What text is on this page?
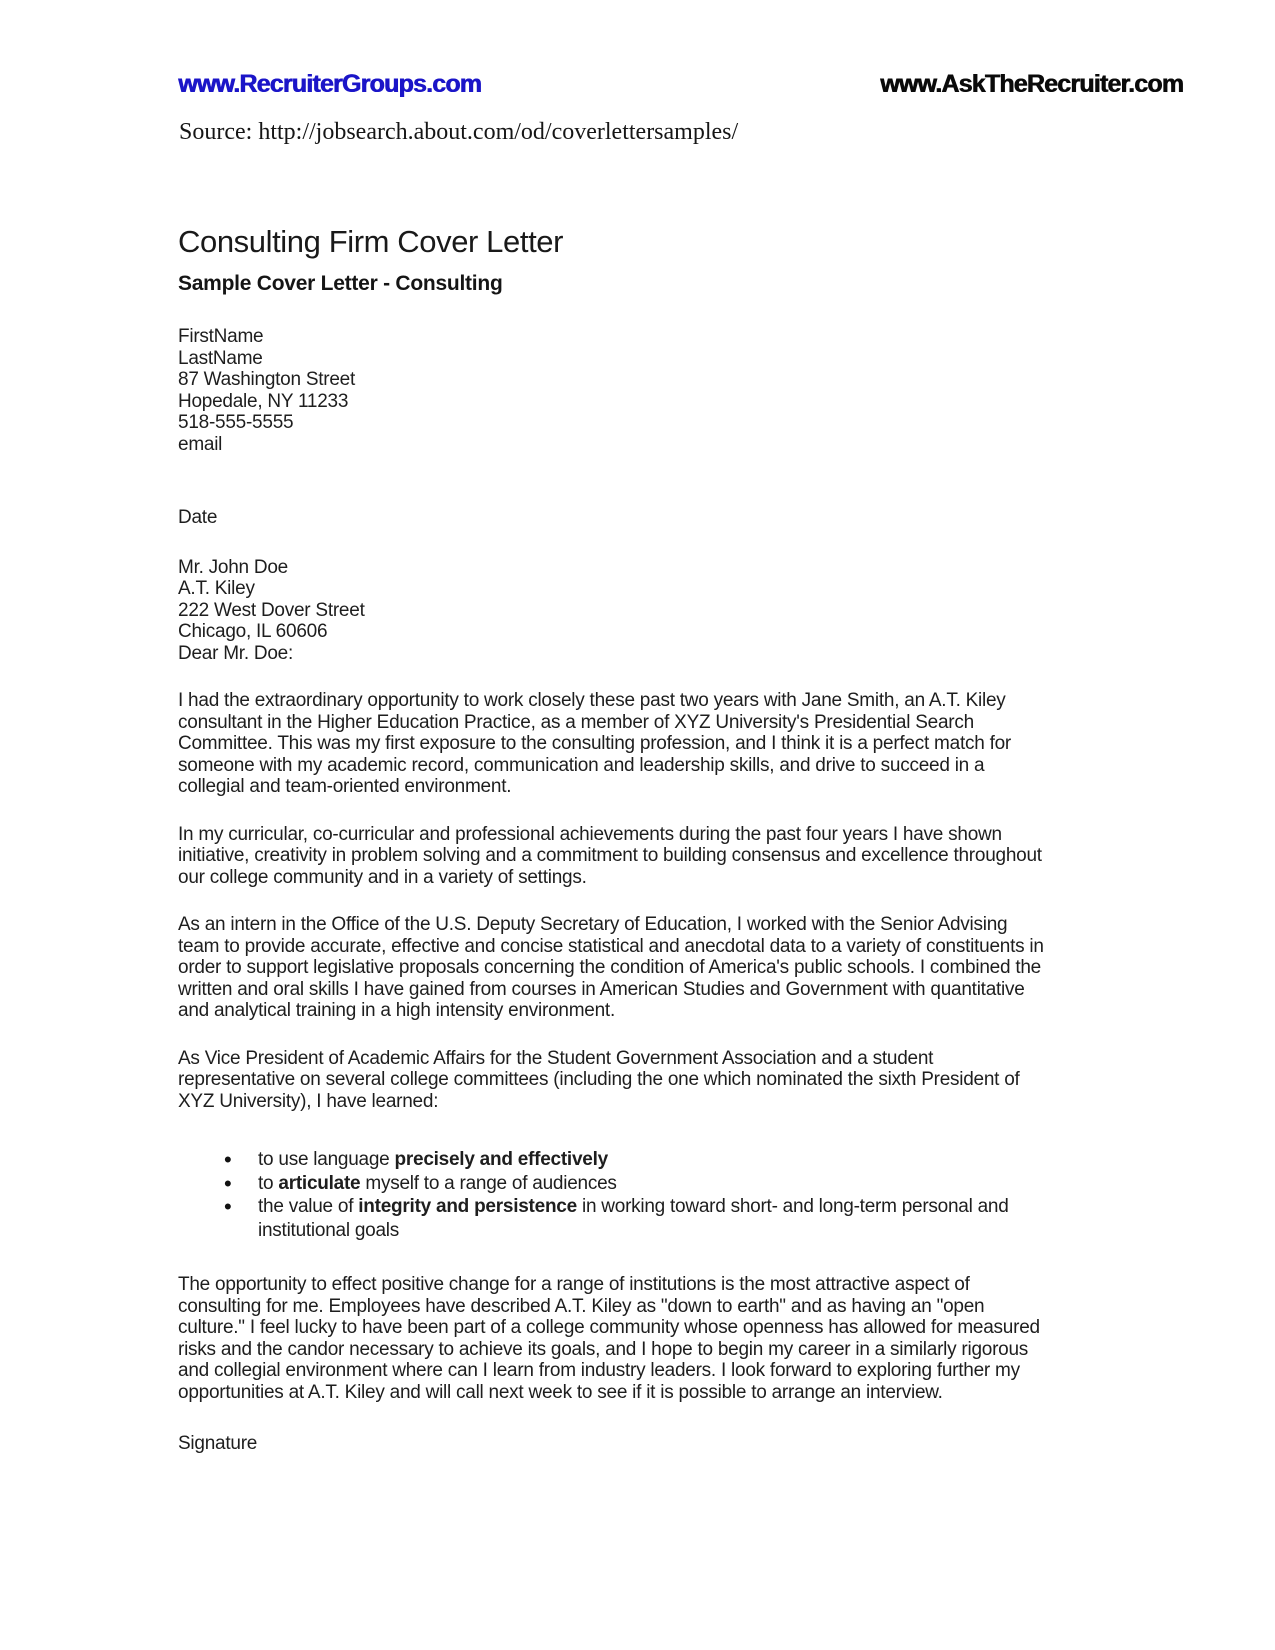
www.RecruiterGroups.com	www.AskTheRecruiter.com
Source: http://jobsearch.about.com/od/coverlettersamples/
Consulting Firm Cover Letter
Sample Cover Letter - Consulting
FirstName
LastName
87 Washington Street
Hopedale, NY 11233
518-555-5555
email
Date
Mr. John Doe
A.T. Kiley
222 West Dover Street
Chicago, IL 60606
Dear Mr. Doe:

I had the extraordinary opportunity to work closely these past two years with Jane Smith, an A.T. Kiley consultant in the Higher Education Practice, as a member of XYZ University's Presidential Search Committee. This was my first exposure to the consulting profession, and I think it is a perfect match for someone with my academic record, communication and leadership skills, and drive to succeed in a collegial and team-oriented environment.

In my curricular, co-curricular and professional achievements during the past four years I have shown initiative, creativity in problem solving and a commitment to building consensus and excellence throughout our college community and in a variety of settings.

As an intern in the Office of the U.S. Deputy Secretary of Education, I worked with the Senior Advising team to provide accurate, effective and concise statistical and anecdotal data to a variety of constituents in order to support legislative proposals concerning the condition of America's public schools. I combined the written and oral skills I have gained from courses in American Studies and Government with quantitative and analytical training in a high intensity environment.

As Vice President of Academic Affairs for the Student Government Association and a student representative on several college committees (including the one which nominated the sixth President of XYZ University), I have learned:

• to use language precisely and effectively
• to articulate myself to a range of audiences
• the value of integrity and persistence in working toward short- and long-term personal and institutional goals

The opportunity to effect positive change for a range of institutions is the most attractive aspect of consulting for me. Employees have described A.T. Kiley as "down to earth" and as having an "open culture." I feel lucky to have been part of a college community whose openness has allowed for measured risks and the candor necessary to achieve its goals, and I hope to begin my career in a similarly rigorous and collegial environment where can I learn from industry leaders. I look forward to exploring further my opportunities at A.T. Kiley and will call next week to see if it is possible to arrange an interview.

Signature
